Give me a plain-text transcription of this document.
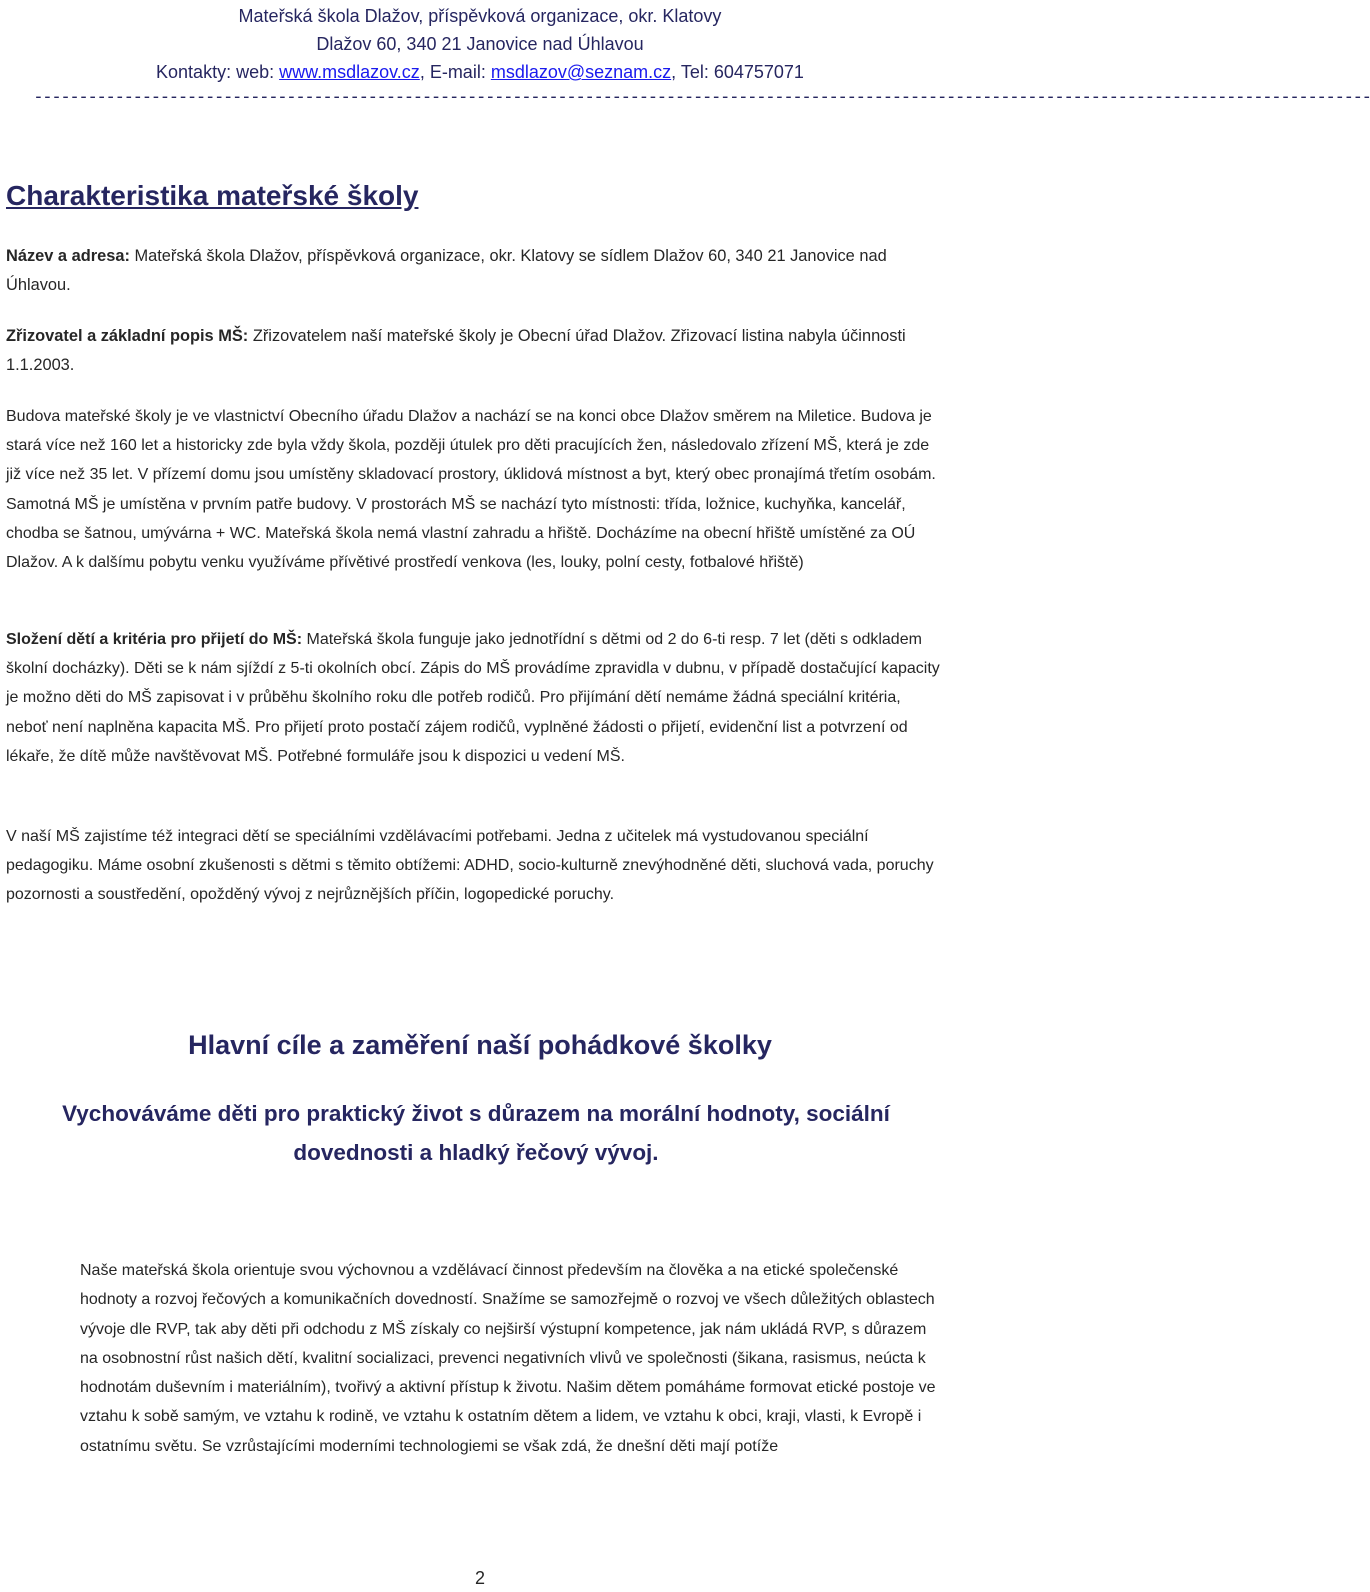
Mateřská škola Dlažov, příspěvková organizace, okr. Klatovy
Dlažov 60, 340 21 Janovice nad Úhlavou
Kontakty: web: www.msdlazov.cz, E-mail: msdlazov@seznam.cz, Tel: 604757071
----------------------------------------------------------------------------------------------------------------------------------------------------
Charakteristika mateřské školy
Název a adresa: Mateřská škola Dlažov, příspěvková organizace, okr. Klatovy se sídlem Dlažov 60, 340 21 Janovice nad Úhlavou.
Zřizovatel a základní popis MŠ: Zřizovatelem naší mateřské školy je Obecní úřad Dlažov. Zřizovací listina nabyla účinnosti 1.1.2003.
Budova mateřské školy je ve vlastnictví Obecního úřadu Dlažov a nachází se na konci obce Dlažov směrem na Miletice. Budova je stará více než 160 let a historicky zde byla vždy škola, později útulek pro děti pracujících žen, následovalo zřízení MŠ, která je zde již více než 35 let. V přízemí domu jsou umístěny skladovací prostory, úklidová místnost a byt, který obec pronajímá třetím osobám. Samotná MŠ je umístěna v prvním patře budovy. V prostorách MŠ se nachází tyto místnosti: třída, ložnice, kuchyňka, kancelář, chodba se šatnou, umývárna + WC. Mateřská škola nemá vlastní zahradu a hřiště. Docházíme na obecní hřiště umístěné za OÚ Dlažov. A k dalšímu pobytu venku využíváme přívětivé prostředí venkova (les, louky, polní cesty, fotbalové hřiště)
Složení dětí a kritéria pro přijetí do MŠ: Mateřská škola funguje jako jednotřídní s dětmi od 2 do 6-ti resp. 7 let (děti s odkladem školní docházky). Děti se k nám sjíždí z 5-ti okolních obcí. Zápis do MŠ provádíme zpravidla v dubnu, v případě dostačující kapacity je možno děti do MŠ zapisovat i v průběhu školního roku dle potřeb rodičů. Pro přijímání dětí nemáme žádná speciální kritéria, neboť není naplněna kapacita MŠ. Pro přijetí proto postačí zájem rodičů, vyplněné žádosti o přijetí, evidenční list a potvrzení od lékaře, že dítě může navštěvovat MŠ. Potřebné formuláře jsou k dispozici u vedení MŠ.
V naší MŠ zajistíme též integraci dětí se speciálními vzdělávacími potřebami. Jedna z učitelek má vystudovanou speciální pedagogiku. Máme osobní zkušenosti s dětmi s těmito obtížemi: ADHD, socio-kulturně znevýhodněné děti, sluchová vada, poruchy pozornosti a soustředění, opožděný vývoj z nejrůznějších příčin, logopedické poruchy.
Hlavní cíle a zaměření naší pohádkové školky
Vychováváme děti pro praktický život s důrazem na morální hodnoty, sociální dovednosti a hladký řečový vývoj.
Naše mateřská škola orientuje svou výchovnou a vzdělávací činnost především na člověka a na etické společenské hodnoty a rozvoj řečových a komunikačních dovedností. Snažíme se samozřejmě o rozvoj ve všech důležitých oblastech vývoje dle RVP, tak aby děti při odchodu z MŠ získaly co nejširší výstupní kompetence, jak nám ukládá RVP, s důrazem na osobnostní růst našich dětí, kvalitní socializaci, prevenci negativních vlivů ve společnosti (šikana, rasismus, neúcta k hodnotám duševním i materiálním), tvořivý a aktivní přístup k životu. Našim dětem pomáháme formovat etické postoje ve vztahu k sobě samým, ve vztahu k rodině, ve vztahu k ostatním dětem a lidem, ve vztahu k obci, kraji, vlasti, k Evropě i ostatnímu světu. Se vzrůstajícími moderními technologiemi se však zdá, že dnešní děti mají potíže
2
